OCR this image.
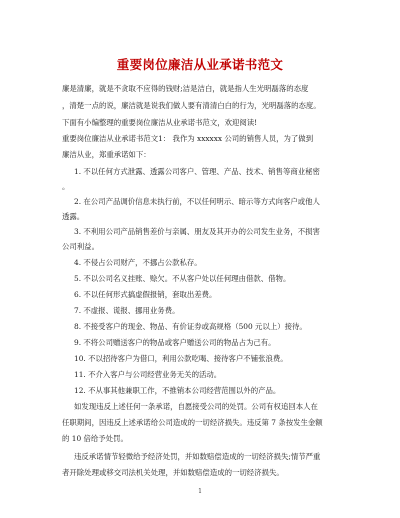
重要岗位廉洁从业承诺书范文
廉是清廉，就是不贪取不应得的钱财;洁是洁白，就是指人生光明磊落的态度
，清楚一点的说，廉洁就是说我们做人要有清清白白的行为，光明磊落的态度。
下面有小编整理的重要岗位廉洁从业承诺书范文，欢迎阅读!
重要岗位廉洁从业承诺书范文1： 我作为 xxxxxx 公司的销售人员，为了做到
廉洁从业，郑重承诺如下：
1. 不以任何方式泄露、透露公司客户、管理、产品、技术、销售等商业秘密
。
2. 在公司产品调价信息未执行前，不以任何明示、暗示等方式向客户或他人
透露。
3. 不利用公司产品销售差价与亲属、朋友及其开办的公司发生业务，不损害
公司利益。
4. 不侵占公司财产，不挪占公款私存。
5. 不以公司名义挂账、赊欠。不从客户处以任何理由借款、借物。
6. 不以任何形式搞虚假报销，套取出差费。
7. 不虚报、谎报、挪用业务费。
8. 不接受客户的现金、物品、有价证券或高规格（500 元以上）接待。
9. 不将公司赠送客户的物品或客户赠送公司的物品占为己有。
10. 不以招待客户为借口，利用公款吃喝、接待客户不铺张浪费。
11. 不介入客户与公司经营业务无关的活动。
12. 不从事其他兼职工作，不推销本公司经营范围以外的产品。
如发现违反上述任何一条承诺，自愿接受公司的处罚。公司有权追回本人在
任职期间，因违反上述承诺给公司造成的一切经济损失。违反第 7 条按发生金额
的 10 倍给予处罚。
违反承诺情节轻微给予经济处罚，并如数赔偿造成的一切经济损失;情节严重
者开除处理或移交司法机关处理，并如数赔偿造成的一切经济损失。
1
